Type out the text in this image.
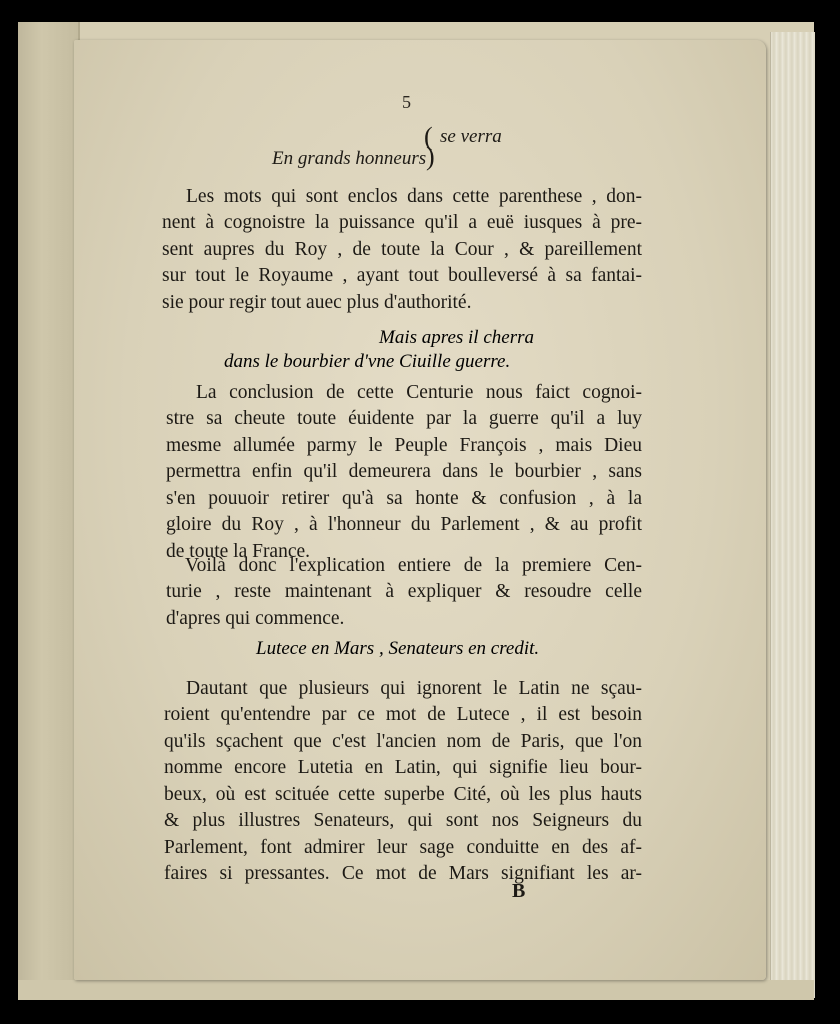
5
( se verra
En grands honneurs )
Les mots qui sont enclos dans cette parenthese , don-
nent à cognoistre la puissance qu'il a euë iusques à pre-
sent aupres du Roy , de toute la Cour , & pareillement
sur tout le Royaume , ayant tout boulleversé à sa fantai-
sie pour regir tout auec plus d'authorité.
Mais apres il cherra
dans le bourbier d'vne Ciuille guerre.
La conclusion de cette Centurie nous faict cognoi-
stre sa cheute toute éuidente par la guerre qu'il a luy
mesme allumée parmy le Peuple François , mais Dieu
permettra enfin qu'il demeurera dans le bourbier , sans
s'en pouuoir retirer qu'à sa honte & confusion , à la
gloire du Roy , à l'honneur du Parlement , & au profit
de toute la France.
Voilà donc l'explication entiere de la premiere Cen-
turie , reste maintenant à expliquer & resoudre celle
d'apres qui commence.
Lutece en Mars , Senateurs en credit.
Dautant que plusieurs qui ignorent le Latin ne sçau-
roient qu'entendre par ce mot de Lutece , il est besoin
qu'ils sçachent que c'est l'ancien nom de Paris, que l'on
nomme encore Lutetia en Latin, qui signifie lieu bour-
beux, où est scituée cette superbe Cité, où les plus hauts
& plus illustres Senateurs, qui sont nos Seigneurs du
Parlement, font admirer leur sage conduitte en des af-
faires si pressantes. Ce mot de Mars signifiant les ar-
B
